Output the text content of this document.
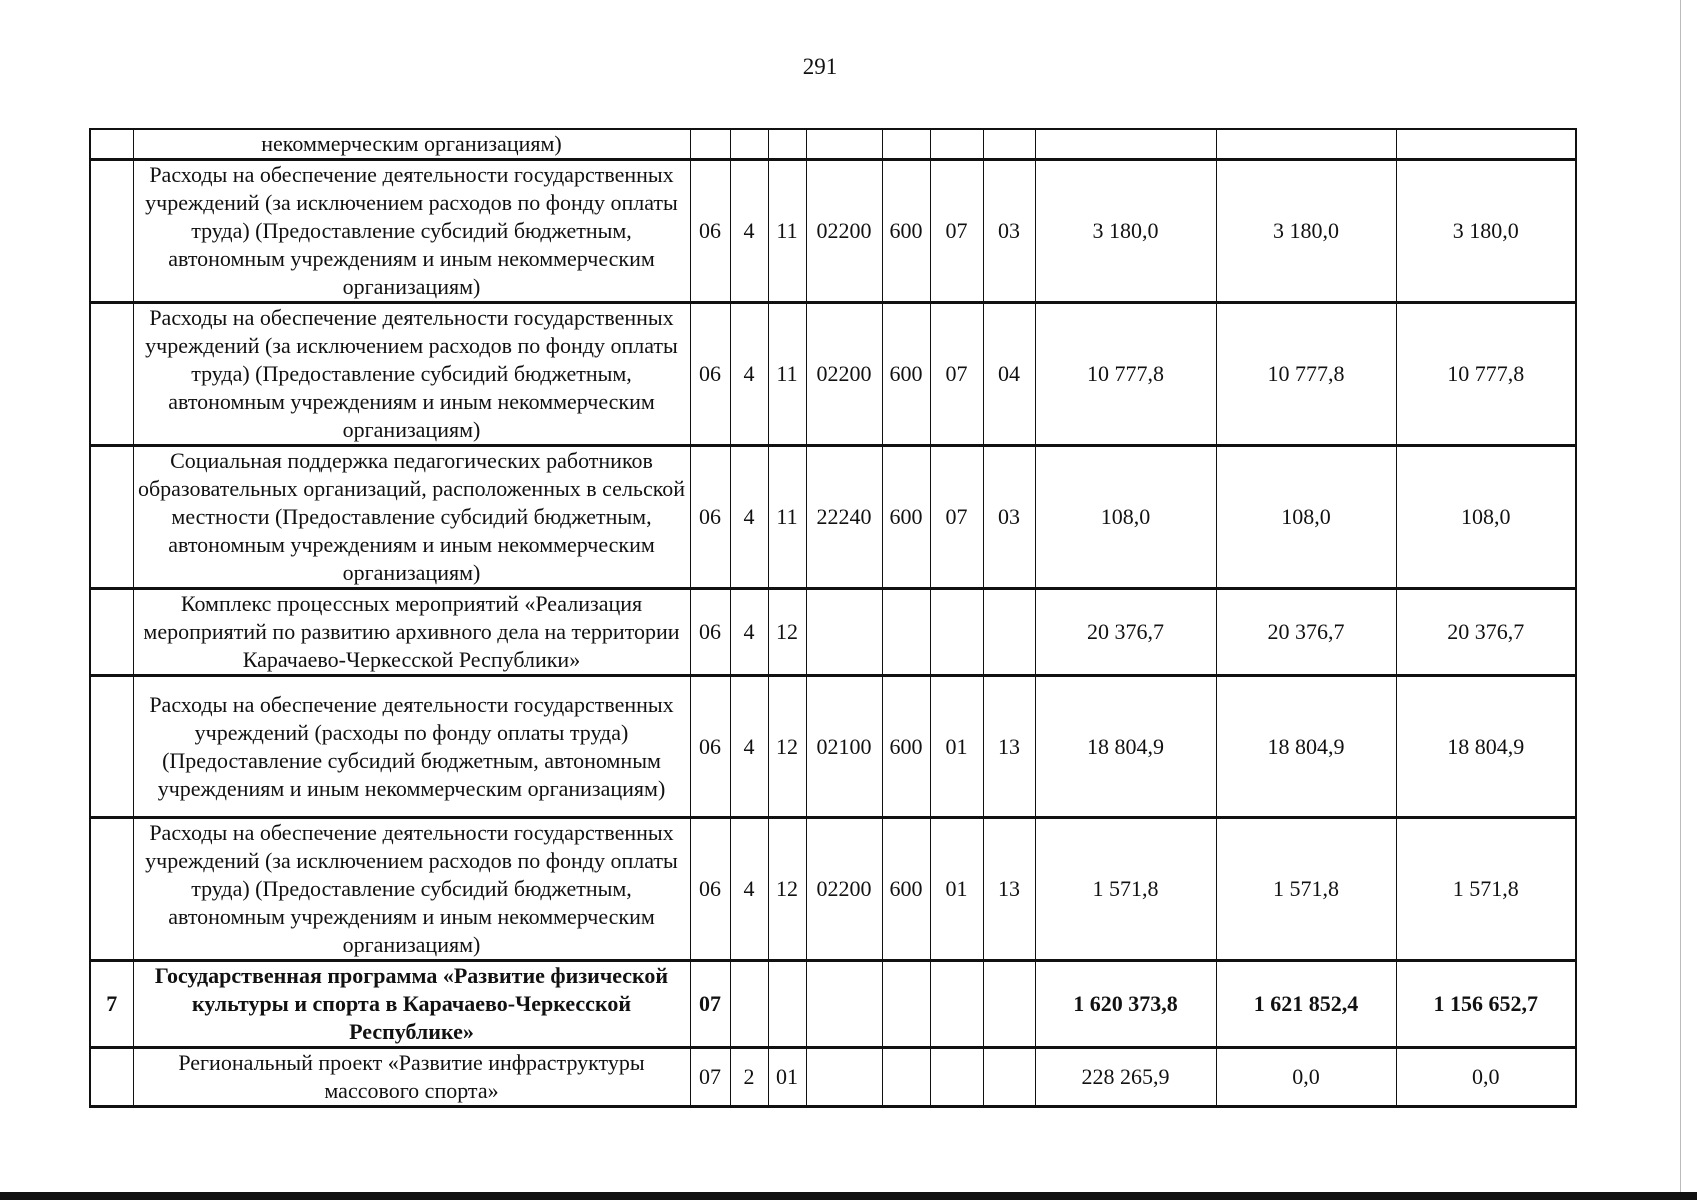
291
	некоммерческим организациям)										
	Расходы на обеспечение деятельности государственных учреждений (за исключением расходов по фонду оплаты труда) (Предоставление субсидий бюджетным, автономным учреждениям и иным некоммерческим организациям)	06	4	11	02200	600	07	03	3 180,0	3 180,0	3 180,0
	Расходы на обеспечение деятельности государственных учреждений (за исключением расходов по фонду оплаты труда) (Предоставление субсидий бюджетным, автономным учреждениям и иным некоммерческим организациям)	06	4	11	02200	600	07	04	10 777,8	10 777,8	10 777,8
	Социальная поддержка педагогических работников образовательных организаций, расположенных в сельской местности (Предоставление субсидий бюджетным, автономным учреждениям и иным некоммерческим организациям)	06	4	11	22240	600	07	03	108,0	108,0	108,0
	Комплекс процессных мероприятий «Реализация мероприятий по развитию архивного дела на территории Карачаево-Черкесской Республики»	06	4	12					20 376,7	20 376,7	20 376,7
	Расходы на обеспечение деятельности государственных учреждений (расходы по фонду оплаты труда) (Предоставление субсидий бюджетным, автономным учреждениям и иным некоммерческим организациям)	06	4	12	02100	600	01	13	18 804,9	18 804,9	18 804,9
	Расходы на обеспечение деятельности государственных учреждений (за исключением расходов по фонду оплаты труда) (Предоставление субсидий бюджетным, автономным учреждениям и иным некоммерческим организациям)	06	4	12	02200	600	01	13	1 571,8	1 571,8	1 571,8
7	Государственная программа «Развитие физической культуры и спорта в Карачаево-Черкесской Республике»	07							1 620 373,8	1 621 852,4	1 156 652,7
	Региональный проект «Развитие инфраструктуры массового спорта»	07	2	01					228 265,9	0,0	0,0
